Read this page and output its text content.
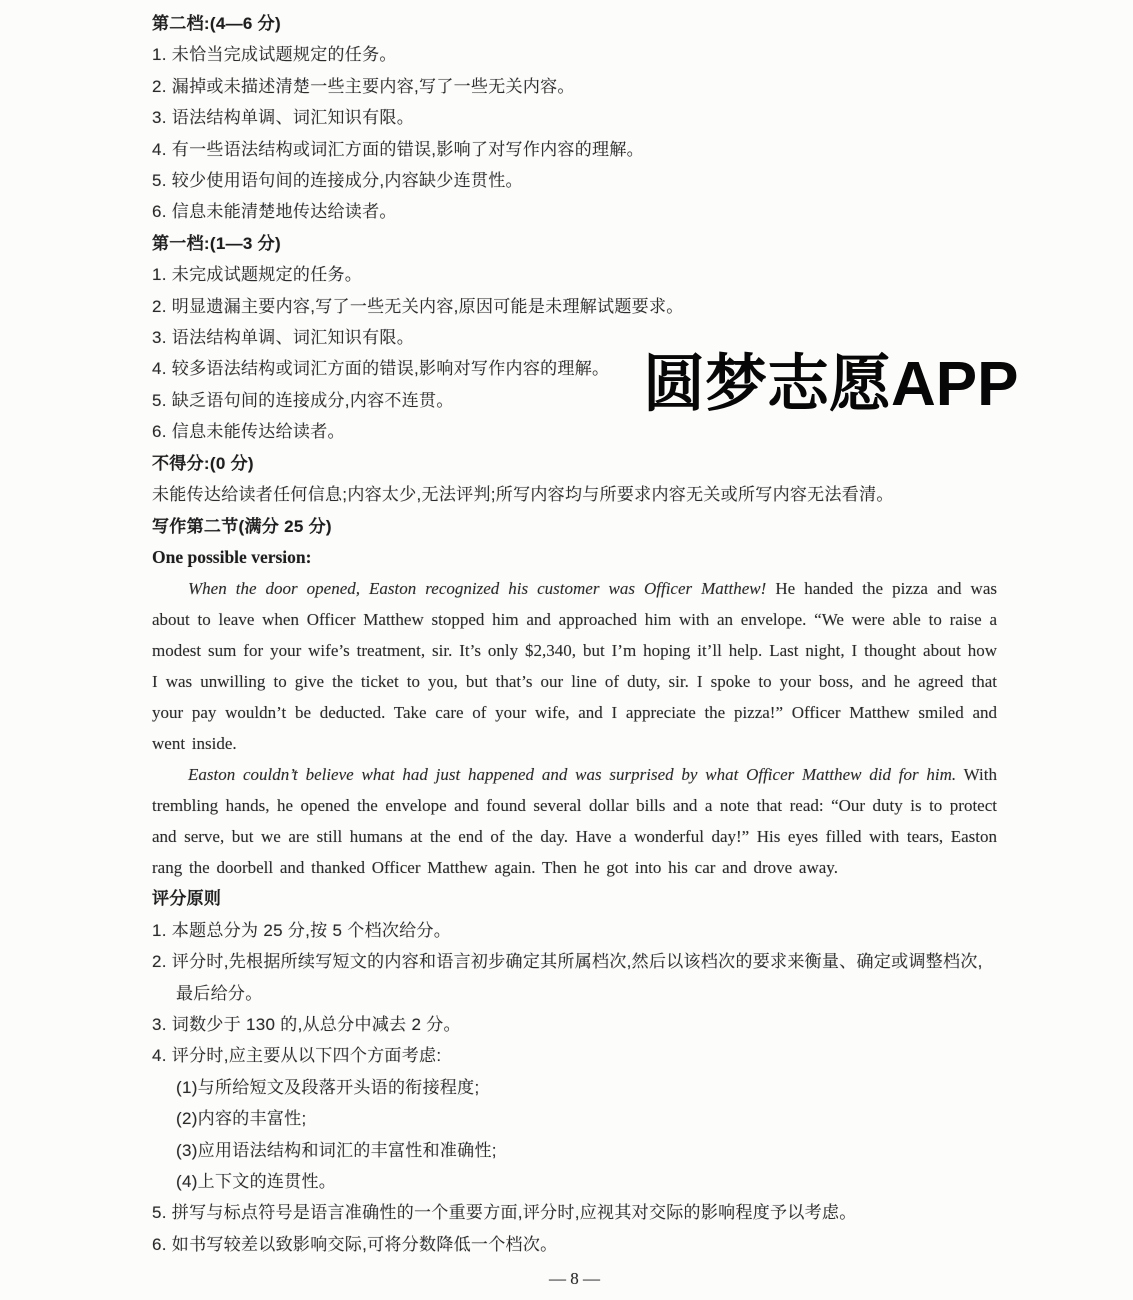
圆梦志愿APP
第二档:(4—6 分)
1. 未恰当完成试题规定的任务。
2. 漏掉或未描述清楚一些主要内容,写了一些无关内容。
3. 语法结构单调、词汇知识有限。
4. 有一些语法结构或词汇方面的错误,影响了对写作内容的理解。
5. 较少使用语句间的连接成分,内容缺少连贯性。
6. 信息未能清楚地传达给读者。
第一档:(1—3 分)
1. 未完成试题规定的任务。
2. 明显遗漏主要内容,写了一些无关内容,原因可能是未理解试题要求。
3. 语法结构单调、词汇知识有限。
4. 较多语法结构或词汇方面的错误,影响对写作内容的理解。
5. 缺乏语句间的连接成分,内容不连贯。
6. 信息未能传达给读者。
不得分:(0 分)
未能传达给读者任何信息;内容太少,无法评判;所写内容均与所要求内容无关或所写内容无法看清。
写作第二节(满分 25 分)
One possible version:

When the door opened, Easton recognized his customer was Officer Matthew! He handed the pizza and was about to leave when Officer Matthew stopped him and approached him with an envelope. “We were able to raise a modest sum for your wife’s treatment, sir. It’s only $2,340, but I’m hoping it’ll help. Last night, I thought about how I was unwilling to give the ticket to you, but that’s our line of duty, sir. I spoke to your boss, and he agreed that your pay wouldn’t be deducted. Take care of your wife, and I appreciate the pizza!” Officer Matthew smiled and went inside.

Easton couldn’t believe what had just happened and was surprised by what Officer Matthew did for him. With trembling hands, he opened the envelope and found several dollar bills and a note that read: “Our duty is to protect and serve, but we are still humans at the end of the day. Have a wonderful day!” His eyes filled with tears, Easton rang the doorbell and thanked Officer Matthew again. Then he got into his car and drove away.

评分原则
1. 本题总分为 25 分,按 5 个档次给分。
2. 评分时,先根据所续写短文的内容和语言初步确定其所属档次,然后以该档次的要求来衡量、确定或调整档次,最后给分。
3. 词数少于 130 的,从总分中减去 2 分。
4. 评分时,应主要从以下四个方面考虑:
(1)与所给短文及段落开头语的衔接程度;
(2)内容的丰富性;
(3)应用语法结构和词汇的丰富性和准确性;
(4)上下文的连贯性。
5. 拼写与标点符号是语言准确性的一个重要方面,评分时,应视其对交际的影响程度予以考虑。
6. 如书写较差以致影响交际,可将分数降低一个档次。
— 8 —
